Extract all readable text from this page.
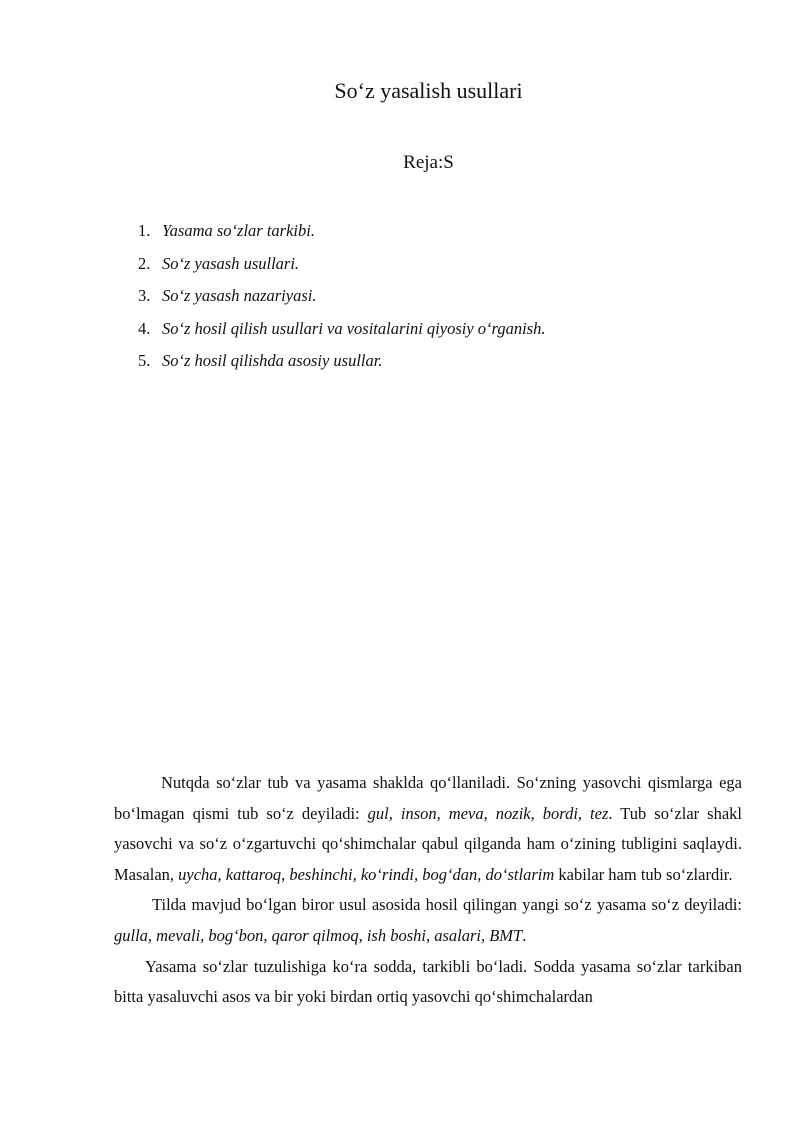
So‘z yasalish usullari
Reja:S
1. Yasama so‘zlar tarkibi.
2. So‘z yasash usullari.
3. So‘z yasash nazariyasi.
4. So‘z hosil qilish usullari va vositalarini qiyosiy o‘rganish.
5. So‘z hosil qilishda asosiy usullar.

Nutqda so‘zlar tub va yasama shaklda qo‘llaniladi. So‘zning yasovchi qismlarga ega bo‘lmagan qismi tub so‘z deyiladi: gul, inson, meva, nozik, bordi, tez. Tub so‘zlar shakl yasovchi va so‘z o‘zgartuvchi qo‘shimchalar qabul qilganda ham o‘zining tubligini saqlaydi. Masalan, uycha, kattaroq, beshinchi, ko‘rindi, bog‘dan, do‘stlarim kabilar ham tub so‘zlardir.

Tilda mavjud bo‘lgan biror usul asosida hosil qilingan yangi so‘z yasama so‘z deyiladi: gulla, mevali, bog‘bon, qaror qilmoq, ish boshi, asalari, BMT.

Yasama so‘zlar tuzulishiga ko‘ra sodda, tarkibli bo‘ladi. Sodda yasama so‘zlar tarkiban bitta yasaluvchi asos va bir yoki birdan ortiq yasovchi qo‘shimchalardan
